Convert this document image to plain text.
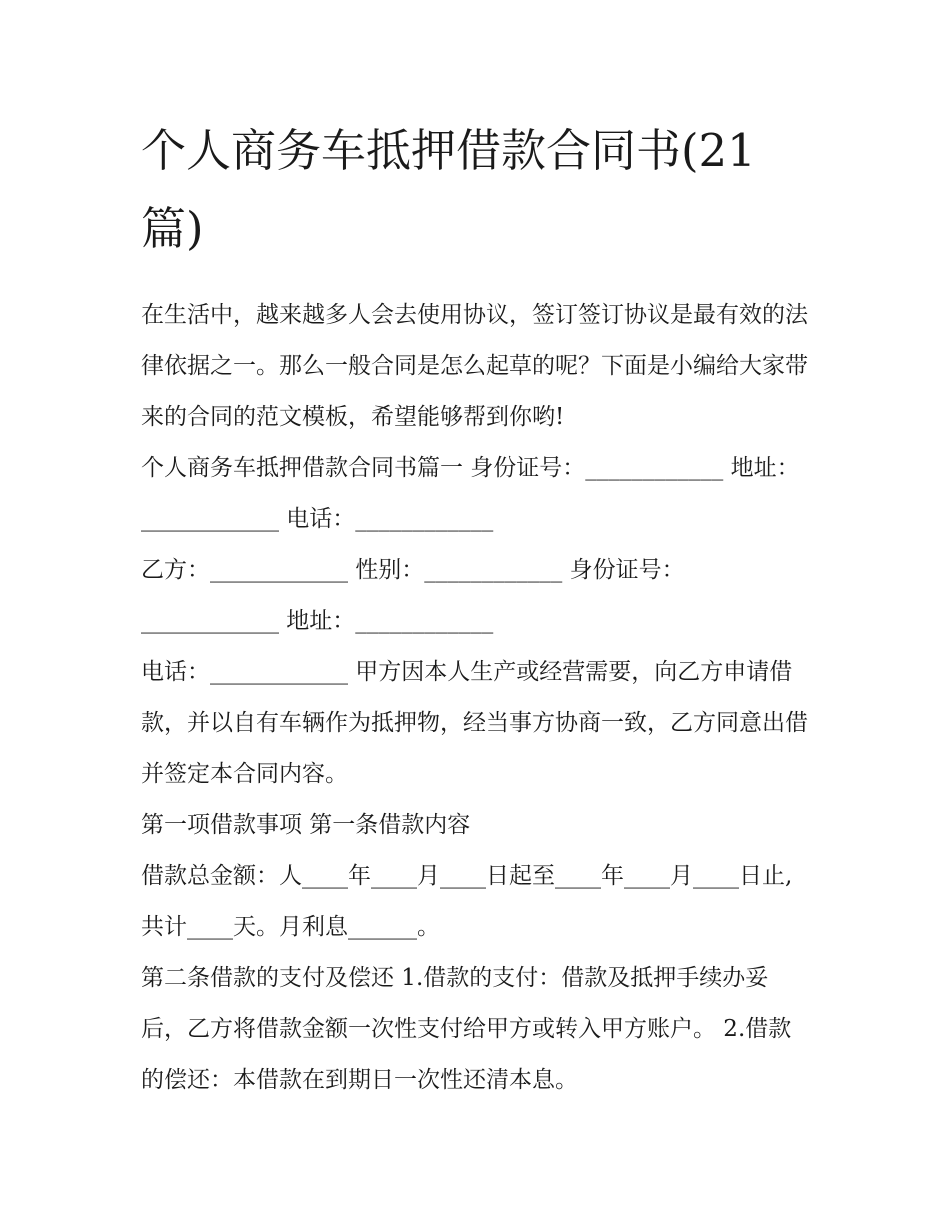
个人商务车抵押借款合同书(21篇)

在生活中，越来越多人会去使用协议，签订签订协议是最有效的法律依据之一。那么一般合同是怎么起草的呢？下面是小编给大家带来的合同的范文模板，希望能够帮到你哟!

个人商务车抵押借款合同书篇一 身份证号：____________ 地址：____________ 电话：____________

乙方：____________ 性别：____________ 身份证号：____________ 地址：____________

电话：____________ 甲方因本人生产或经营需要，向乙方申请借款，并以自有车辆作为抵押物，经当事方协商一致，乙方同意出借并签定本合同内容。

第一项借款事项 第一条借款内容

借款总金额：人____年____月____日起至____年____月____日止,共计____天。月利息______。

第二条借款的支付及偿还 1.借款的支付：借款及抵押手续办妥后，乙方将借款金额一次性支付给甲方或转入甲方账户。 2.借款的偿还：本借款在到期日一次性还清本息。
